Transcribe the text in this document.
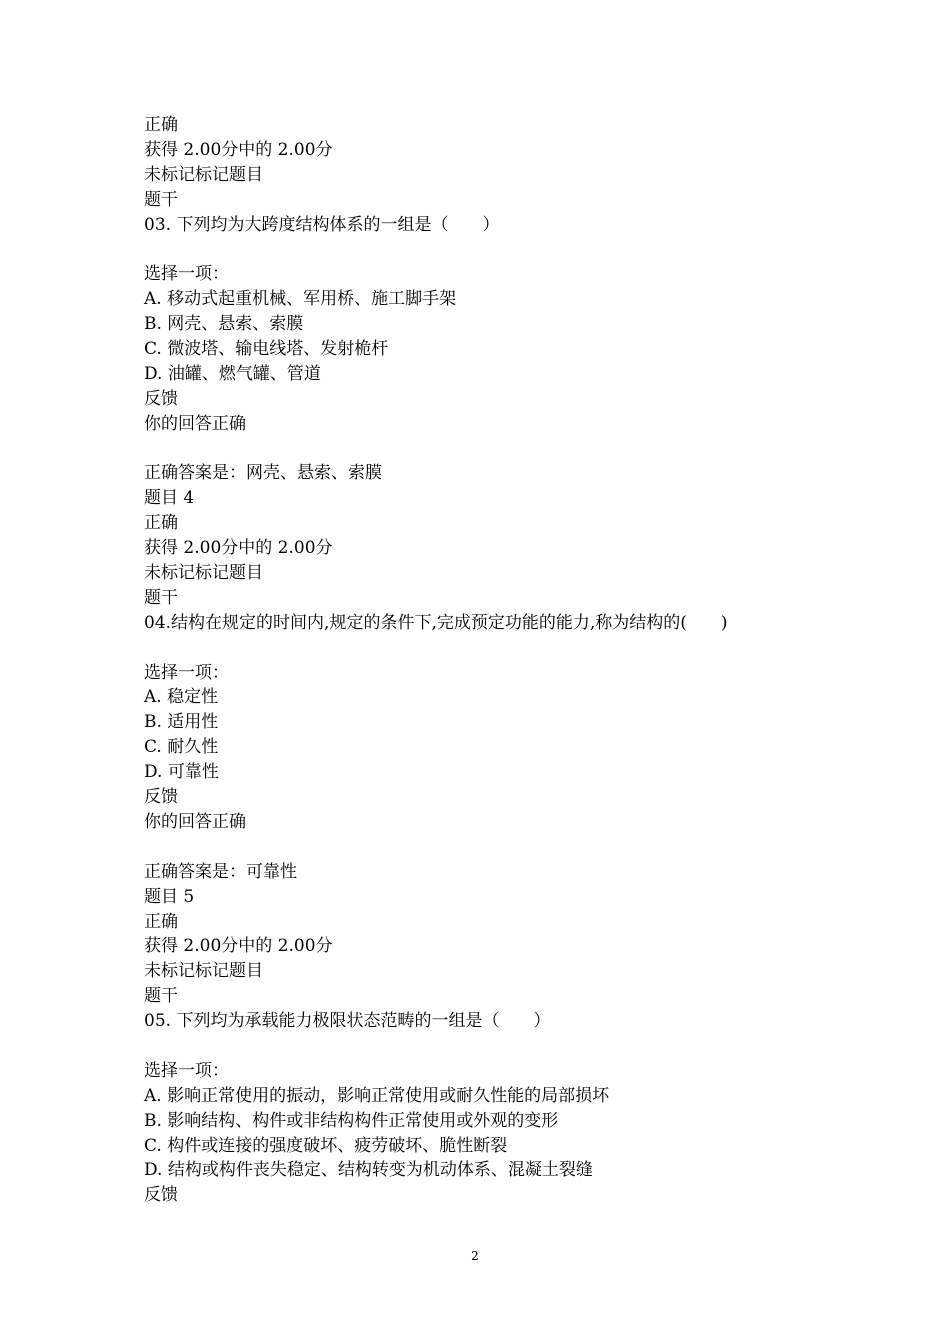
正确
获得 2.00分中的 2.00分
未标记标记题目
题干
03. 下列均为大跨度结构体系的一组是（　　）
选择一项：
A. 移动式起重机械、军用桥、施工脚手架
B. 网壳、悬索、索膜
C. 微波塔、输电线塔、发射桅杆
D. 油罐、燃气罐、管道
反馈
你的回答正确
正确答案是：网壳、悬索、索膜
题目 4
正确
获得 2.00分中的 2.00分
未标记标记题目
题干
04.结构在规定的时间内,规定的条件下,完成预定功能的能力,称为结构的(　　)
选择一项：
A. 稳定性
B. 适用性
C. 耐久性
D. 可靠性
反馈
你的回答正确
正确答案是：可靠性
题目 5
正确
获得 2.00分中的 2.00分
未标记标记题目
题干
05. 下列均为承载能力极限状态范畴的一组是（　　）
选择一项：
A. 影响正常使用的振动，影响正常使用或耐久性能的局部损坏
B. 影响结构、构件或非结构构件正常使用或外观的变形
C. 构件或连接的强度破坏、疲劳破坏、脆性断裂
D. 结构或构件丧失稳定、结构转变为机动体系、混凝土裂缝
反馈
2
